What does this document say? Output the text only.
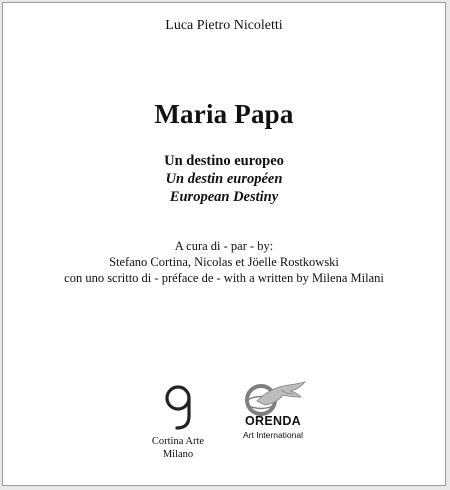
Luca Pietro Nicoletti
Maria Papa
Un destino europeo
Un destin européen
European Destiny
A cura di - par - by:
Stefano Cortina, Nicolas et Jöelle Rostkowski
con uno scritto di - préface de - with a written by Milena Milani
Cortina Arte
Milano
ORENDA
Art International
